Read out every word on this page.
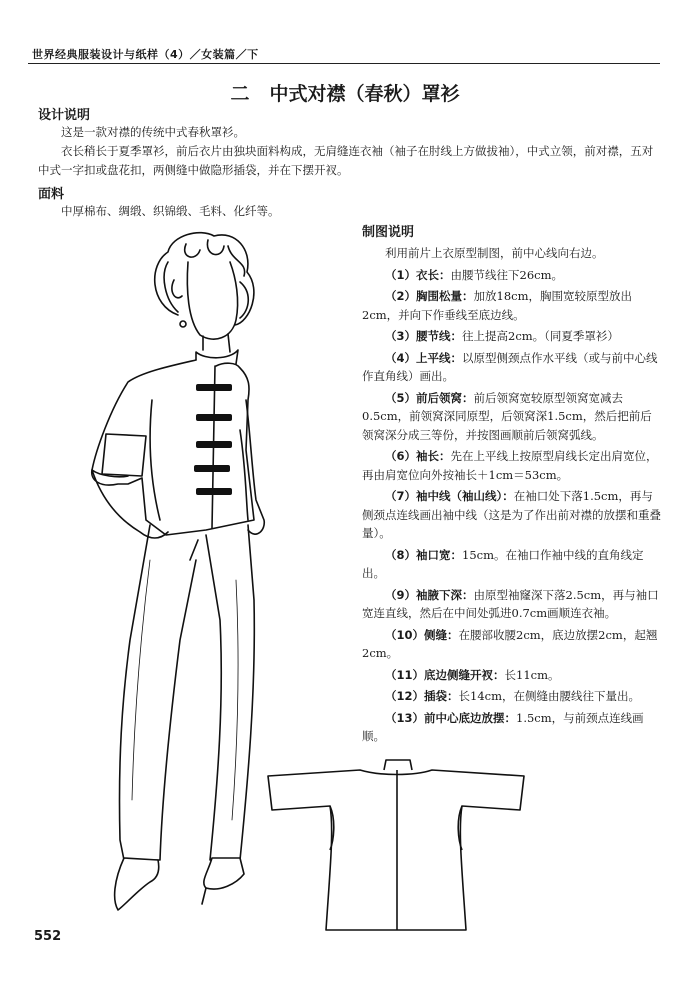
世界经典服装设计与纸样（4）／女装篇／下
二 中式对襟（春秋）罩衫
设计说明
这是一款对襟的传统中式春秋罩衫。
衣长稍长于夏季罩衫，前后衣片由独块面料构成，无肩缝连衣袖（袖子在肘线上方做拔袖），中式立领，前对襟，五对中式一字扣或盘花扣，两侧缝中做隐形插袋，并在下摆开衩。
面料
中厚棉布、绸缎、织锦缎、毛料、化纤等。
制图说明

利用前片上衣原型制图，前中心线向右边。

（1）衣长：由腰节线往下26cm。

（2）胸围松量：加放18cm，胸围宽较原型放出2cm，并向下作垂线至底边线。

（3）腰节线：往上提高2cm。（同夏季罩衫）

（4）上平线：以原型侧颈点作水平线（或与前中心线作直角线）画出。

（5）前后领窝：前后领窝宽较原型领窝宽减去0.5cm，前领窝深同原型，后领窝深1.5cm，然后把前后领窝深分成三等份，并按图画顺前后领窝弧线。

（6）袖长：先在上平线上按原型肩线长定出肩宽位，再由肩宽位向外按袖长＋1cm＝53cm。

（7）袖中线（袖山线）：在袖口处下落1.5cm，再与侧颈点连线画出袖中线（这是为了作出前对襟的放摆和重叠量）。

（8）袖口宽：15cm。在袖口作袖中线的直角线定出。

（9）袖腋下深：由原型袖窿深下落2.5cm，再与袖口宽连直线，然后在中间处弧进0.7cm画顺连衣袖。

（10）侧缝：在腰部收腰2cm，底边放摆2cm，起翘2cm。

（11）底边侧缝开衩：长11cm。

（12）插袋：长14cm，在侧缝由腰线往下量出。

（13）前中心底边放摆：1.5cm，与前颈点连线画顺。

552
